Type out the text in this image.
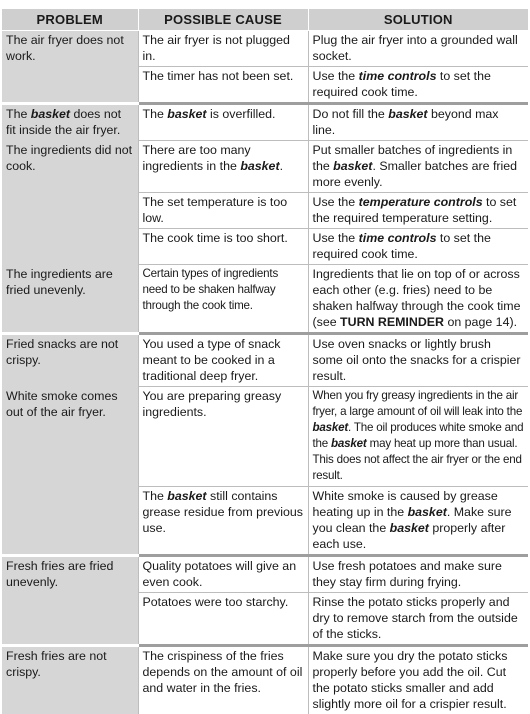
PROBLEM	POSSIBLE CAUSE	SOLUTION
The air fryer does not work.	The air fryer is not plugged in.	Plug the air fryer into a grounded wall socket.
	The timer has not been set.	Use the time controls to set the required cook time.
The basket does not fit inside the air fryer.	The basket is overfilled.	Do not fill the basket beyond max line.
The ingredients did not cook.	There are too many ingredients in the basket.	Put smaller batches of ingredients in the basket. Smaller batches are fried more evenly.
	The set temperature is too low.	Use the temperature controls to set the required temperature setting.
	The cook time is too short.	Use the time controls to set the required cook time.
The ingredients are fried unevenly.	Certain types of ingredients need to be shaken halfway through the cook time.	Ingredients that lie on top of or across each other (e.g. fries) need to be shaken halfway through the cook time (see TURN REMINDER on page 14).
Fried snacks are not crispy.	You used a type of snack meant to be cooked in a traditional deep fryer.	Use oven snacks or lightly brush some oil onto the snacks for a crispier result.
White smoke comes out of the air fryer.	You are preparing greasy ingredients.	When you fry greasy ingredients in the air fryer, a large amount of oil will leak into the basket. The oil produces white smoke and the basket may heat up more than usual. This does not affect the air fryer or the end result.
	The basket still contains grease residue from previous use.	White smoke is caused by grease heating up in the basket. Make sure you clean the basket properly after each use.
Fresh fries are fried unevenly.	Quality potatoes will give an even cook.	Use fresh potatoes and make sure they stay firm during frying.
	Potatoes were too starchy.	Rinse the potato sticks properly and dry to remove starch from the outside of the sticks.
Fresh fries are not crispy.	The crispiness of the fries depends on the amount of oil and water in the fries.	Make sure you dry the potato sticks properly before you add the oil. Cut the potato sticks smaller and add slightly more oil for a crispier result.
